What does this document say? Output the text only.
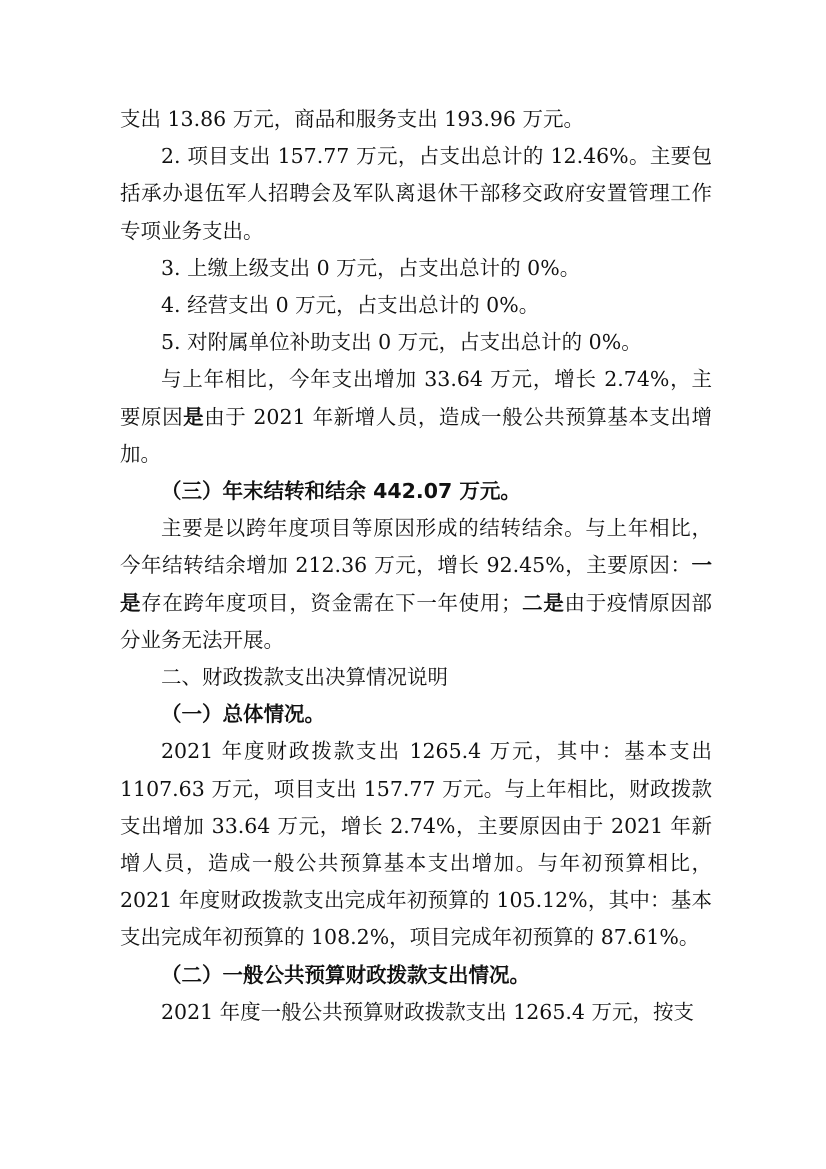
支出 13.86 万元，商品和服务支出 193.96 万元。

2. 项目支出 157.77 万元，占支出总计的 12.46%。主要包括承办退伍军人招聘会及军队离退休干部移交政府安置管理工作专项业务支出。

3. 上缴上级支出 0 万元，占支出总计的 0%。

4. 经营支出 0 万元，占支出总计的 0%。

5. 对附属单位补助支出 0 万元，占支出总计的 0%。

与上年相比，今年支出增加 33.64 万元，增长 2.74%，主要原因是由于 2021 年新增人员，造成一般公共预算基本支出增加。

（三）年末结转和结余 442.07 万元。

主要是以跨年度项目等原因形成的结转结余。与上年相比，今年结转结余增加 212.36 万元，增长 92.45%，主要原因：一是存在跨年度项目，资金需在下一年使用；二是由于疫情原因部分业务无法开展。

二、财政拨款支出决算情况说明

（一）总体情况。

2021 年度财政拨款支出 1265.4 万元，其中：基本支出 1107.63 万元，项目支出 157.77 万元。与上年相比，财政拨款支出增加 33.64 万元，增长 2.74%，主要原因由于 2021 年新增人员，造成一般公共预算基本支出增加。与年初预算相比，2021 年度财政拨款支出完成年初预算的 105.12%，其中：基本支出完成年初预算的 108.2%，项目完成年初预算的 87.61%。

（二）一般公共预算财政拨款支出情况。

2021 年度一般公共预算财政拨款支出 1265.4 万元，按支
